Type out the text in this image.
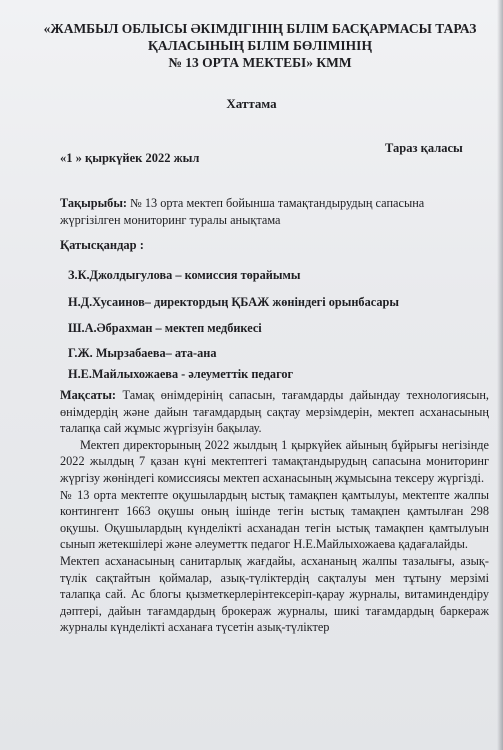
«ЖАМБЫЛ ОБЛЫСЫ ӘКІМДІГІНІҢ БІЛІМ БАСҚАРМАСЫ ТАРАЗ
ҚАЛАСЫНЫҢ БІЛІМ БӨЛІМІНІҢ
№ 13 ОРТА МЕКТЕБІ» КММ
Хаттама
«1 » қыркүйек 2022 жыл
Тараз қаласы
Тақырыбы: № 13 орта мектеп бойынша тамақтандырудың сапасына жүргізілген мониторинг туралы анықтама
Қатысқандар :
З.К.Джолдыгулова – комиссия төрайымы
Н.Д.Хусаинов– директордың ҚБАЖ жөніндегі орынбасары
Ш.А.Әбрахман – мектеп медбикесі
Г.Ж. Мырзабаева– ата-ана
Н.Е.Майлыхожаева - әлеуметтік педагог

Мақсаты: Тамақ өнімдерінің сапасын, тағамдарды дайындау технологиясын, өнімдердің және дайын тағамдардың сақтау мерзімдерін, мектеп асханасының талапқа сай жұмыс жүргізуін бақылау.

Мектеп директорының 2022 жылдың 1 қыркүйек айының бұйрығы негізінде 2022 жылдың 7 қазан күні мектептегі тамақтандырудың сапасына мониторинг жүргізу жөніндегі комиссиясы мектеп асханасының жұмысына тексеру жүргізді.

№ 13 орта мектепте оқушылардың ыстық тамақпен қамтылуы, мектепте жалпы контингент 1663 оқушы оның ішінде тегін ыстық тамақпен қамтылған 298 оқушы. Оқушылардың күнделікті асханадан тегін ыстық тамақпен қамтылуын сынып жетекшілері және әлеуметтк педагог Н.Е.Майлыхожаева қадағалайды.

Мектеп асханасының санитарлық жағдайы, асхананың жалпы тазалығы, азық-түлік сақтайтын қоймалар, азық-түліктердің сақталуы мен тұтыну мерзімі талапқа сай. Ас блогы қызметкерлерінтексеріп-қарау журналы, витаминдендіру дәптері, дайын тағамдардың брокераж журналы, шикі тағамдардың баркераж журналы күнделікті асханаға түсетін азық-түліктер
